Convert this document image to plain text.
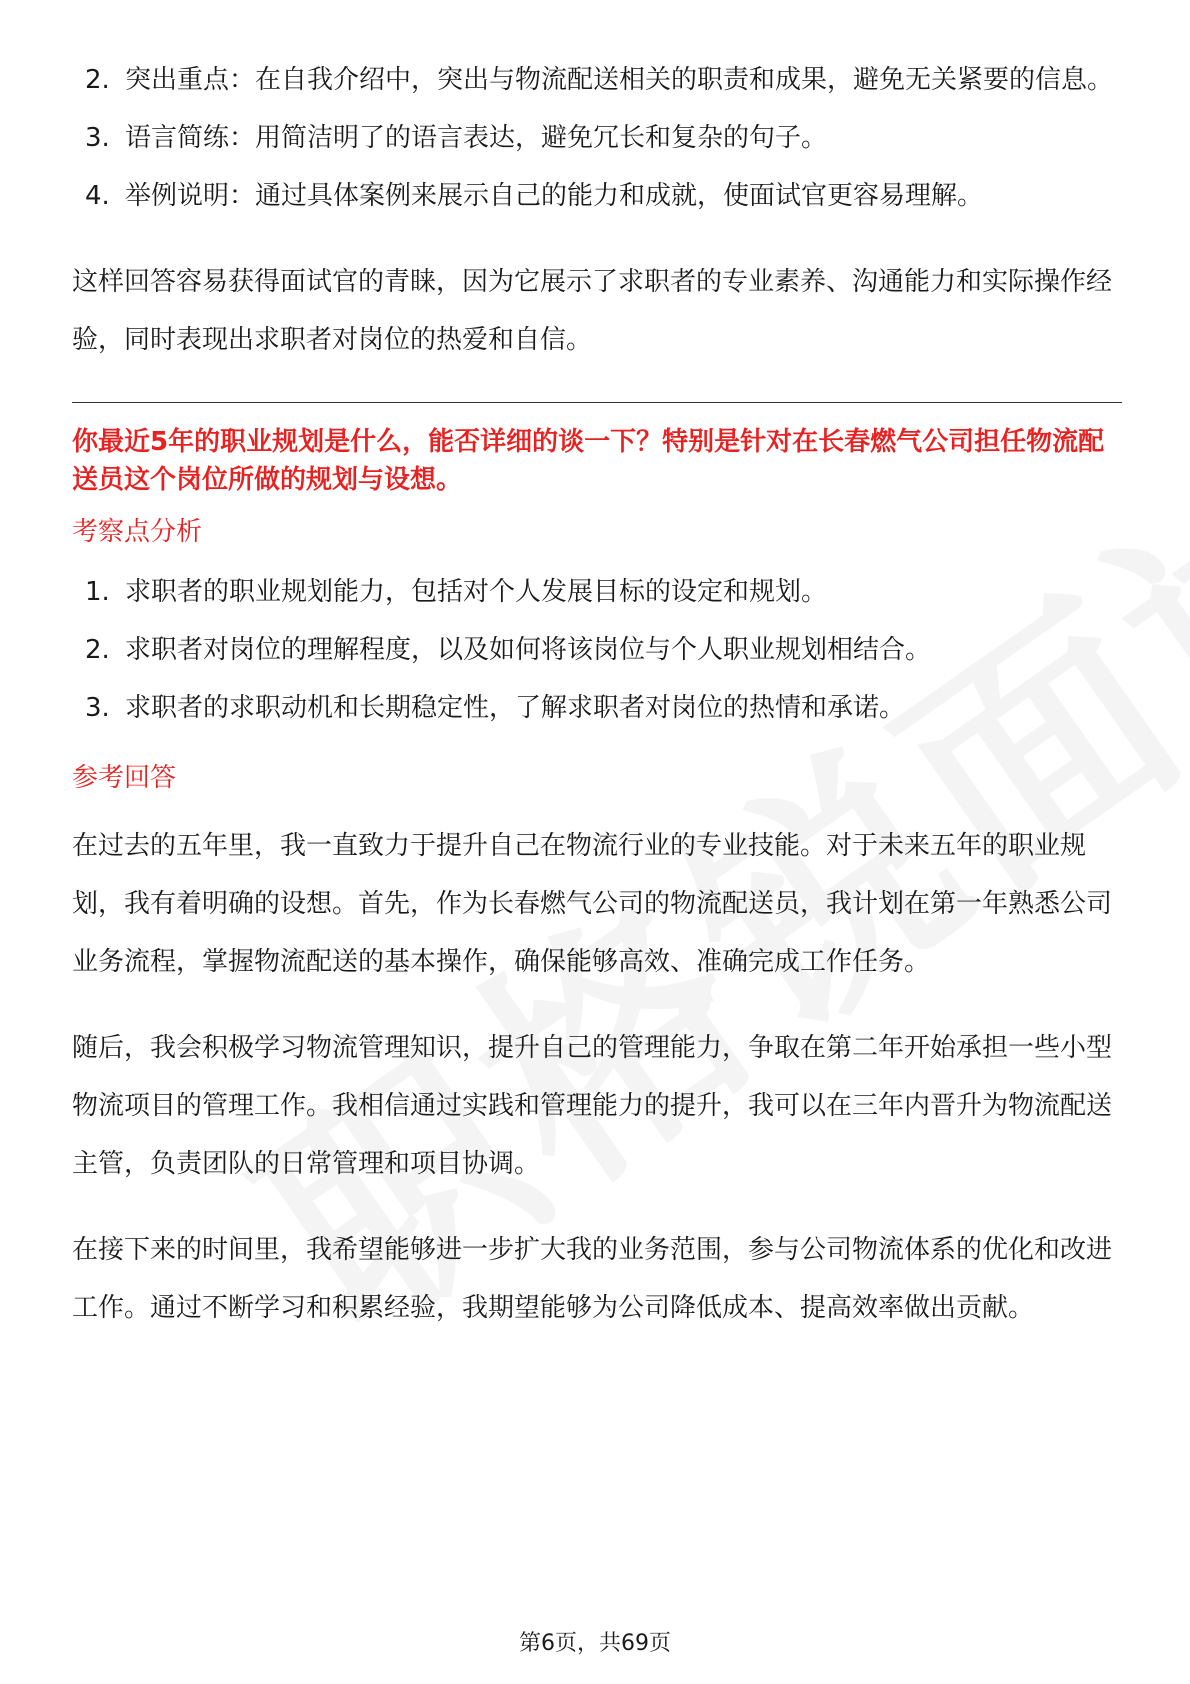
2. 突出重点：在自我介绍中，突出与物流配送相关的职责和成果，避免无关紧要的信息。
3. 语言简练：用简洁明了的语言表达，避免冗长和复杂的句子。
4. 举例说明：通过具体案例来展示自己的能力和成就，使面试官更容易理解。

这样回答容易获得面试官的青睐，因为它展示了求职者的专业素养、沟通能力和实际操作经验，同时表现出求职者对岗位的热爱和自信。

你最近5年的职业规划是什么，能否详细的谈一下？特别是针对在长春燃气公司担任物流配送员这个岗位所做的规划与设想。

考察点分析

1. 求职者的职业规划能力，包括对个人发展目标的设定和规划。
2. 求职者对岗位的理解程度，以及如何将该岗位与个人职业规划相结合。
3. 求职者的求职动机和长期稳定性，了解求职者对岗位的热情和承诺。

参考回答

在过去的五年里，我一直致力于提升自己在物流行业的专业技能。对于未来五年的职业规划，我有着明确的设想。首先，作为长春燃气公司的物流配送员，我计划在第一年熟悉公司业务流程，掌握物流配送的基本操作，确保能够高效、准确完成工作任务。

随后，我会积极学习物流管理知识，提升自己的管理能力，争取在第二年开始承担一些小型物流项目的管理工作。我相信通过实践和管理能力的提升，我可以在三年内晋升为物流配送主管，负责团队的日常管理和项目协调。

在接下来的时间里，我希望能够进一步扩大我的业务范围，参与公司物流体系的优化和改进工作。通过不断学习和积累经验，我期望能够为公司降低成本、提高效率做出贡献。

第6页，共69页
